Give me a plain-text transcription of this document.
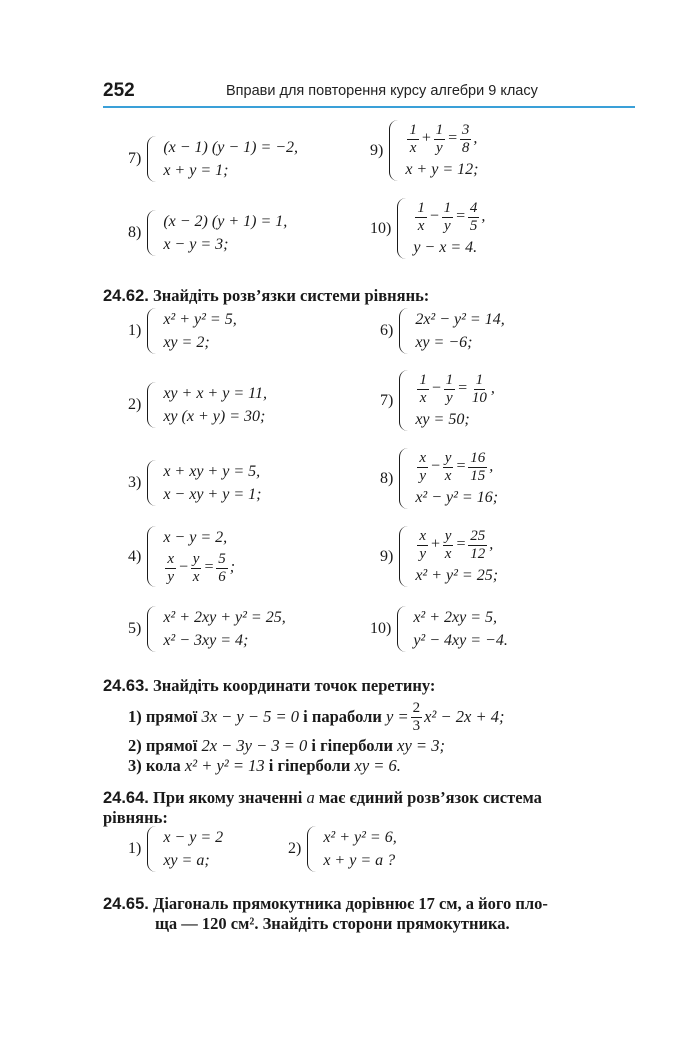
252	Вправи для повторення курсу алгебри 9 класу
7)
(x − 1) (y − 1) = −2,
x + y = 1;
8)
(x − 2) (y + 1) = 1,
x − y = 3;
$9) \frac{1}{x} + \frac{1}{y} = \frac{3}{8}$ ,
x + y = 12;
$10) \frac{1}{x} - \frac{1}{y} = \frac{4}{5}$ ,
y − x = 4.
24.62. Знайдіть розв’язки системи рівнянь:
1)
x² + y² = 5,
xy = 2;
2)
xy + x + y = 11,
xy (x + y) = 30;
3)
x + xy + y = 5,
x − xy + y = 1;
4)
x − y = 2,
$\frac{x}{y} - \frac{y}{x} = \frac{5}{6}$ ;
5)
x² + 2xy + y² = 25,
x² − 3xy = 4;
6)
2x² − y² = 14,
xy = −6;
$7) \frac{1}{x} - \frac{1}{y} = \frac{1}{10}$ ,
xy = 50;
$8) \frac{x}{y} - \frac{y}{x} = \frac{16}{15}$ ,
x² − y² = 16;
$9) \frac{x}{y} + \frac{y}{x} = \frac{25}{12}$ ,
x² + y² = 25;
10)
x² + 2xy = 5,
y² − 4xy = −4.
24.63. Знайдіть координати точок перетину:
1) прямої
3x − y − 5 = 0
і параболи
$y = \frac{2}{3} x^2 - 2x + 4$;
2) прямої 2x − 3y − 3 = 0 і гіперболи xy = 3;
3) кола x² + y² = 13 і гіперболи xy = 6.
24.64. При якому значенні a має єдиний розв’язок система
рівнянь:
1)
x − y = 2
xy = a;
2)
x² + y² = 6,
x + y = a ?
24.65. Діагональ прямокутника дорівнює 17 см, а його пло-
ща — 120 см². Знайдіть сторони прямокутника.
